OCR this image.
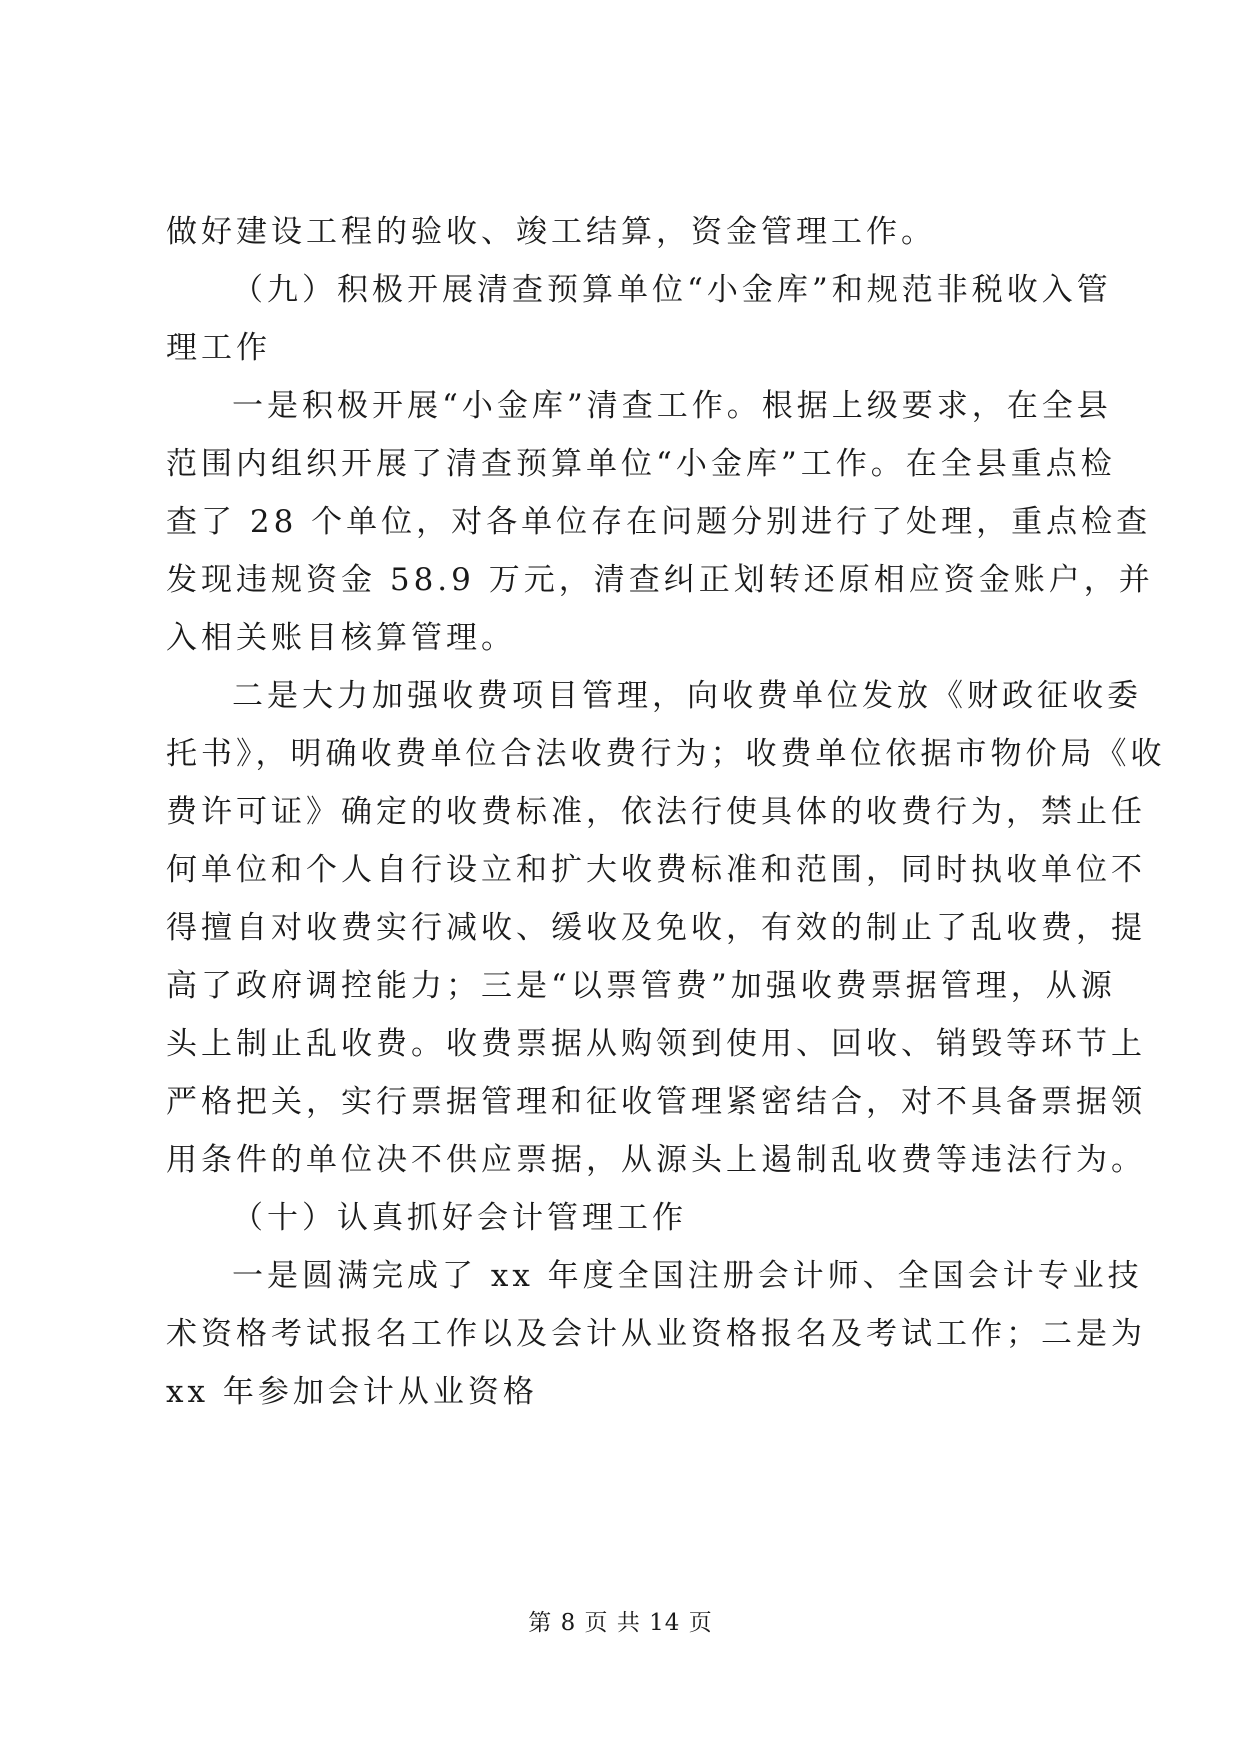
做好建设工程的验收、竣工结算，资金管理工作。
（九）积极开展清查预算单位“小金库”和规范非税收入管
理工作
一是积极开展“小金库”清查工作。根据上级要求，在全县
范围内组织开展了清查预算单位“小金库”工作。在全县重点检
查了 28 个单位，对各单位存在问题分别进行了处理，重点检查
发现违规资金 58.9 万元，清查纠正划转还原相应资金账户，并
入相关账目核算管理。
二是大力加强收费项目管理，向收费单位发放《财政征收委
托书》，明确收费单位合法收费行为；收费单位依据市物价局《收
费许可证》确定的收费标准，依法行使具体的收费行为，禁止任
何单位和个人自行设立和扩大收费标准和范围，同时执收单位不
得擅自对收费实行减收、缓收及免收，有效的制止了乱收费，提
高了政府调控能力；三是“以票管费”加强收费票据管理，从源
头上制止乱收费。收费票据从购领到使用、回收、销毁等环节上
严格把关，实行票据管理和征收管理紧密结合，对不具备票据领
用条件的单位决不供应票据，从源头上遏制乱收费等违法行为。
（十）认真抓好会计管理工作
一是圆满完成了 xx 年度全国注册会计师、全国会计专业技
术资格考试报名工作以及会计从业资格报名及考试工作；二是为
xx 年参加会计从业资格
第 8 页 共 14 页
